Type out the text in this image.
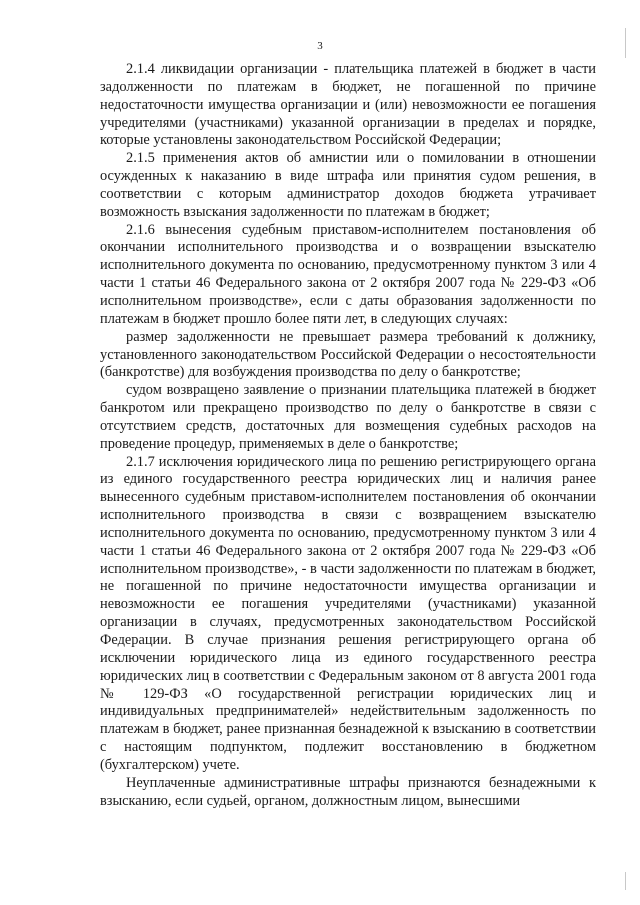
3

2.1.4 ликвидации организации - плательщика платежей в бюджет в части задолженности по платежам в бюджет, не погашенной по причине недостаточности имущества организации и (или) невозможности ее погашения учредителями (участниками) указанной организации в пределах и порядке, которые установлены законодательством Российской Федерации;

2.1.5 применения актов об амнистии или о помиловании в отношении осужденных к наказанию в виде штрафа или принятия судом решения, в соответствии с которым администратор доходов бюджета утрачивает возможность взыскания задолженности по платежам в бюджет;

2.1.6 вынесения судебным приставом-исполнителем постановления об окончании исполнительного производства и о возвращении взыскателю исполнительного документа по основанию, предусмотренному пунктом 3 или 4 части 1 статьи 46 Федерального закона от 2 октября 2007 года № 229-ФЗ «Об исполнительном производстве», если с даты образования задолженности по платежам в бюджет прошло более пяти лет, в следующих случаях:

размер задолженности не превышает размера требований к должнику, установленного законодательством Российской Федерации о несостоятельности (банкротстве) для возбуждения производства по делу о банкротстве;

судом возвращено заявление о признании плательщика платежей в бюджет банкротом или прекращено производство по делу о банкротстве в связи с отсутствием средств, достаточных для возмещения судебных расходов на проведение процедур, применяемых в деле о банкротстве;

2.1.7 исключения юридического лица по решению регистрирующего органа из единого государственного реестра юридических лиц и наличия ранее вынесенного судебным приставом-исполнителем постановления об окончании исполнительного производства в связи с возвращением взыскателю исполнительного документа по основанию, предусмотренному пунктом 3 или 4 части 1 статьи 46 Федерального закона от 2 октября 2007 года № 229-ФЗ «Об исполнительном производстве», - в части задолженности по платежам в бюджет, не погашенной по причине недостаточности имущества организации и невозможности ее погашения учредителями (участниками) указанной организации в случаях, предусмотренных законодательством Российской Федерации. В случае признания решения регистрирующего органа об исключении юридического лица из единого государственного реестра юридических лиц в соответствии с Федеральным законом от 8 августа 2001 года № 129-ФЗ «О государственной регистрации юридических лиц и индивидуальных предпринимателей» недействительным задолженность по платежам в бюджет, ранее признанная безнадежной к взысканию в соответствии с настоящим подпунктом, подлежит восстановлению в бюджетном (бухгалтерском) учете.

Неуплаченные административные штрафы признаются безнадежными к взысканию, если судьей, органом, должностным лицом, вынесшими
